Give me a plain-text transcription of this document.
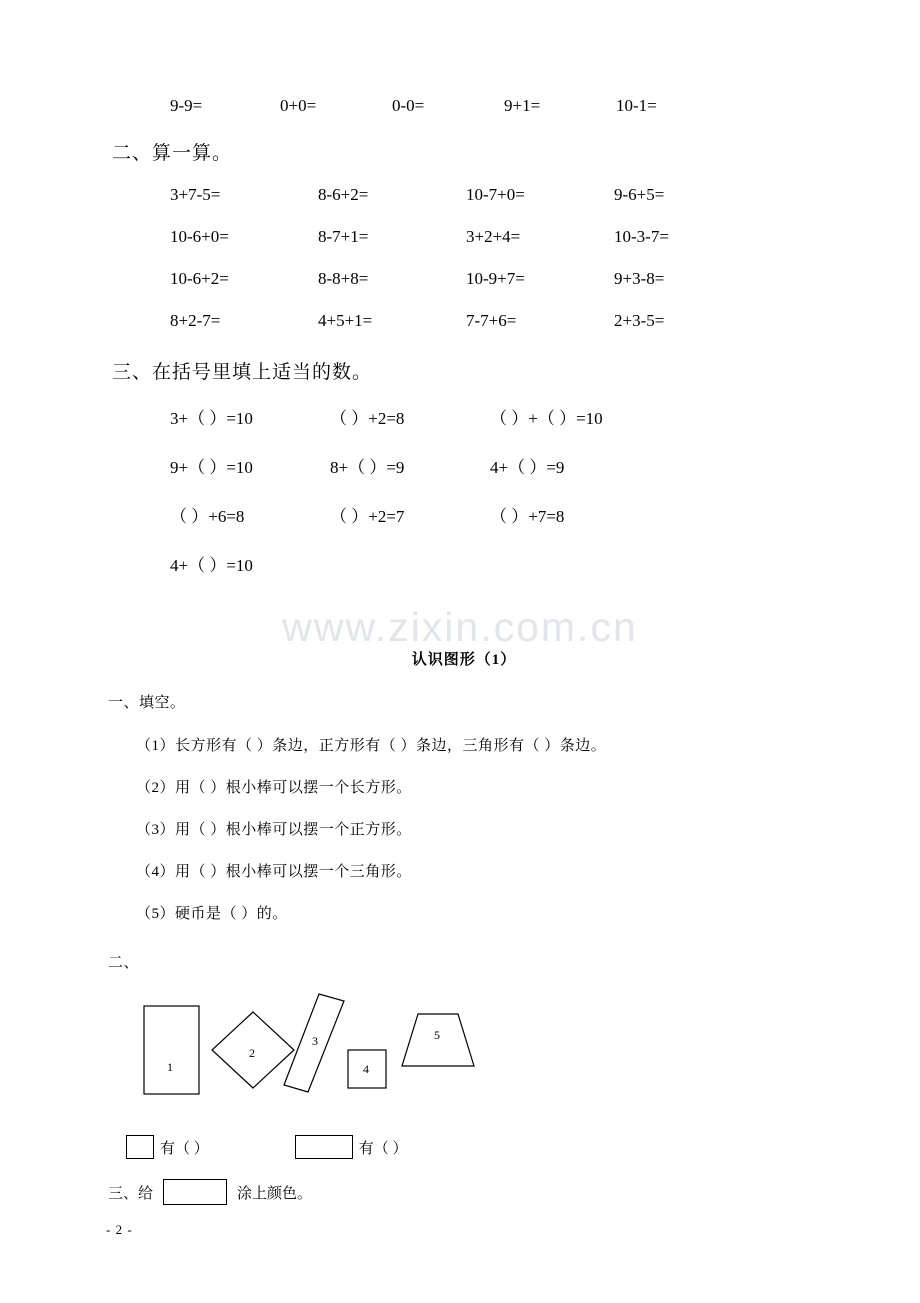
www.zixin.com.cn
9-9=	0+0=	0-0=	9+1=	10-1=
二、算一算。
3+7-5=	8-6+2=	10-7+0=	9-6+5=
10-6+0=	8-7+1=	3+2+4=	10-3-7=
10-6+2=	8-8+8=	10-9+7=	9+3-8=
8+2-7=	4+5+1=	7-7+6=	2+3-5=
三、在括号里填上适当的数。
3+（ ）=10	（ ）+2=8	（ ）+（ ）=10
9+（ ）=10	8+（ ）=9	4+（ ）=9
（ ）+6=8	（ ）+2=7	（ ）+7=8
4+（ ）=10
认识图形（1）
一、填空。
（1）长方形有（ ）条边，正方形有（ ）条边，三角形有（ ）条边。
（2）用（ ）根小棒可以摆一个长方形。
（3）用（ ）根小棒可以摆一个正方形。
（4）用（ ）根小棒可以摆一个三角形。
（5）硬币是（ ）的。
二、
1
2
3
4
5
有（ ）	有（ ）
三、给	涂上颜色。
- 2 -
